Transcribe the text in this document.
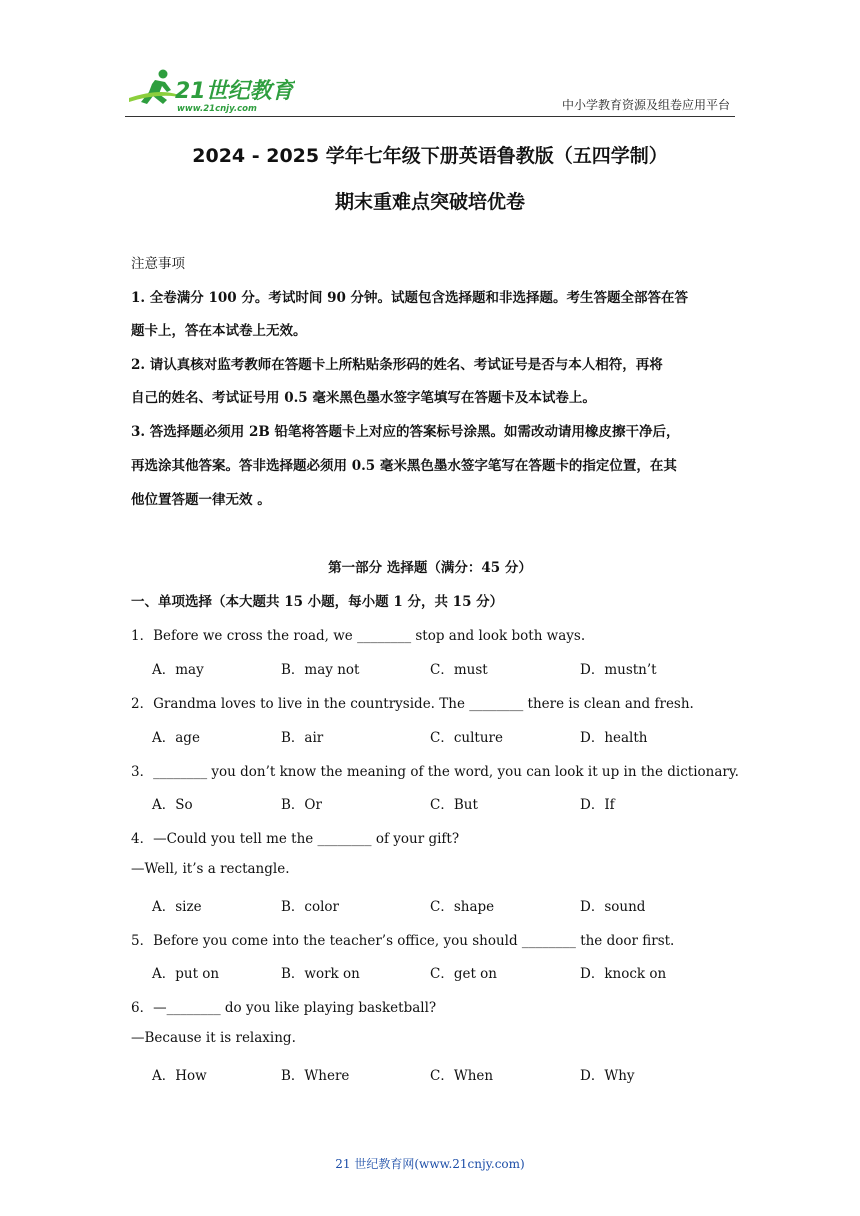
21世纪教育
www.21cnjy.com	中小学教育资源及组卷应用平台
2024 - 2025 学年七年级下册英语鲁教版（五四学制）
期末重难点突破培优卷
注意事项
1. 全卷满分 100 分。考试时间 90 分钟。试题包含选择题和非选择题。考生答题全部答在答
题卡上，答在本试卷上无效。
2. 请认真核对监考教师在答题卡上所粘贴条形码的姓名、考试证号是否与本人相符，再将
自己的姓名、考试证号用 0.5 毫米黑色墨水签字笔填写在答题卡及本试卷上。
3. 答选择题必须用 2B 铅笔将答题卡上对应的答案标号涂黑。如需改动请用橡皮擦干净后，
再选涂其他答案。答非选择题必须用 0.5 毫米黑色墨水签字笔写在答题卡的指定位置，在其
他位置答题一律无效 。
第一部分 选择题（满分：45 分）
一、单项选择（本大题共 15 小题，每小题 1 分，共 15 分）
1．Before we cross the road, we ________ stop and look both ways.
A．may	B．may not	C．must	D．mustn’t
2．Grandma loves to live in the countryside. The ________ there is clean and fresh.
A．age	B．air	C．culture	D．health
3．________ you don’t know the meaning of the word, you can look it up in the dictionary.
A．So	B．Or	C．But	D．If
4．—Could you tell me the ________ of your gift?
—Well, it’s a rectangle.
A．size	B．color	C．shape	D．sound
5．Before you come into the teacher’s office, you should ________ the door first.
A．put on	B．work on	C．get on	D．knock on
6．—________ do you like playing basketball?
—Because it is relaxing.
A．How	B．Where	C．When	D．Why
21 世纪教育网(www.21cnjy.com)
